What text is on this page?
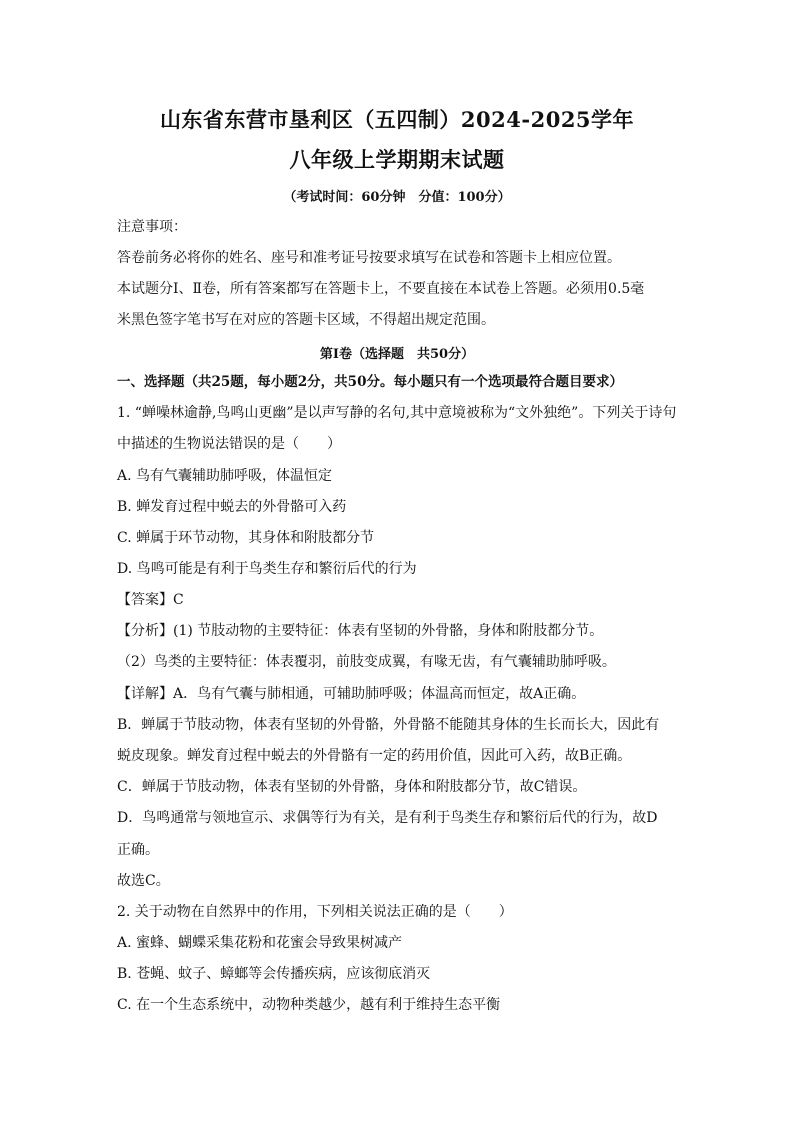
山东省东营市垦利区（五四制）2024-2025学年
八年级上学期期末试题
（考试时间：60分钟　分值：100分）
注意事项：
答卷前务必将你的姓名、座号和准考证号按要求填写在试卷和答题卡上相应位置。
本试题分Ⅰ、Ⅱ卷，所有答案都写在答题卡上，不要直接在本试卷上答题。必须用0.5毫
米黑色签字笔书写在对应的答题卡区域，不得超出规定范围。
第Ⅰ卷（选择题　共50分）
一、选择题（共25题，每小题2分，共50分。每小题只有一个选项最符合题目要求）
1. “蝉噪林逾静,鸟鸣山更幽”是以声写静的名句,其中意境被称为“文外独绝”。下列关于诗句
中描述的生物说法错误的是（　　）
A. 鸟有气囊辅助肺呼吸，体温恒定
B. 蝉发育过程中蜕去的外骨骼可入药
C. 蝉属于环节动物，其身体和附肢都分节
D. 鸟鸣可能是有利于鸟类生存和繁衍后代的行为
【答案】C
【分析】(1) 节肢动物的主要特征：体表有坚韧的外骨骼，身体和附肢都分节。
（2）鸟类的主要特征：体表覆羽，前肢变成翼，有喙无齿，有气囊辅助肺呼吸。
【详解】A．鸟有气囊与肺相通，可辅助肺呼吸；体温高而恒定，故A正确。
B．蝉属于节肢动物，体表有坚韧的外骨骼，外骨骼不能随其身体的生长而长大，因此有
蜕皮现象。蝉发育过程中蜕去的外骨骼有一定的药用价值，因此可入药，故B正确。
C．蝉属于节肢动物，体表有坚韧的外骨骼，身体和附肢都分节，故C错误。
D．鸟鸣通常与领地宣示、求偶等行为有关，是有利于鸟类生存和繁衍后代的行为，故D
正确。
故选C。
2. 关于动物在自然界中的作用，下列相关说法正确的是（　　）
A. 蜜蜂、蝴蝶采集花粉和花蜜会导致果树减产
B. 苍蝇、蚊子、蟑螂等会传播疾病，应该彻底消灭
C. 在一个生态系统中，动物种类越少，越有利于维持生态平衡
